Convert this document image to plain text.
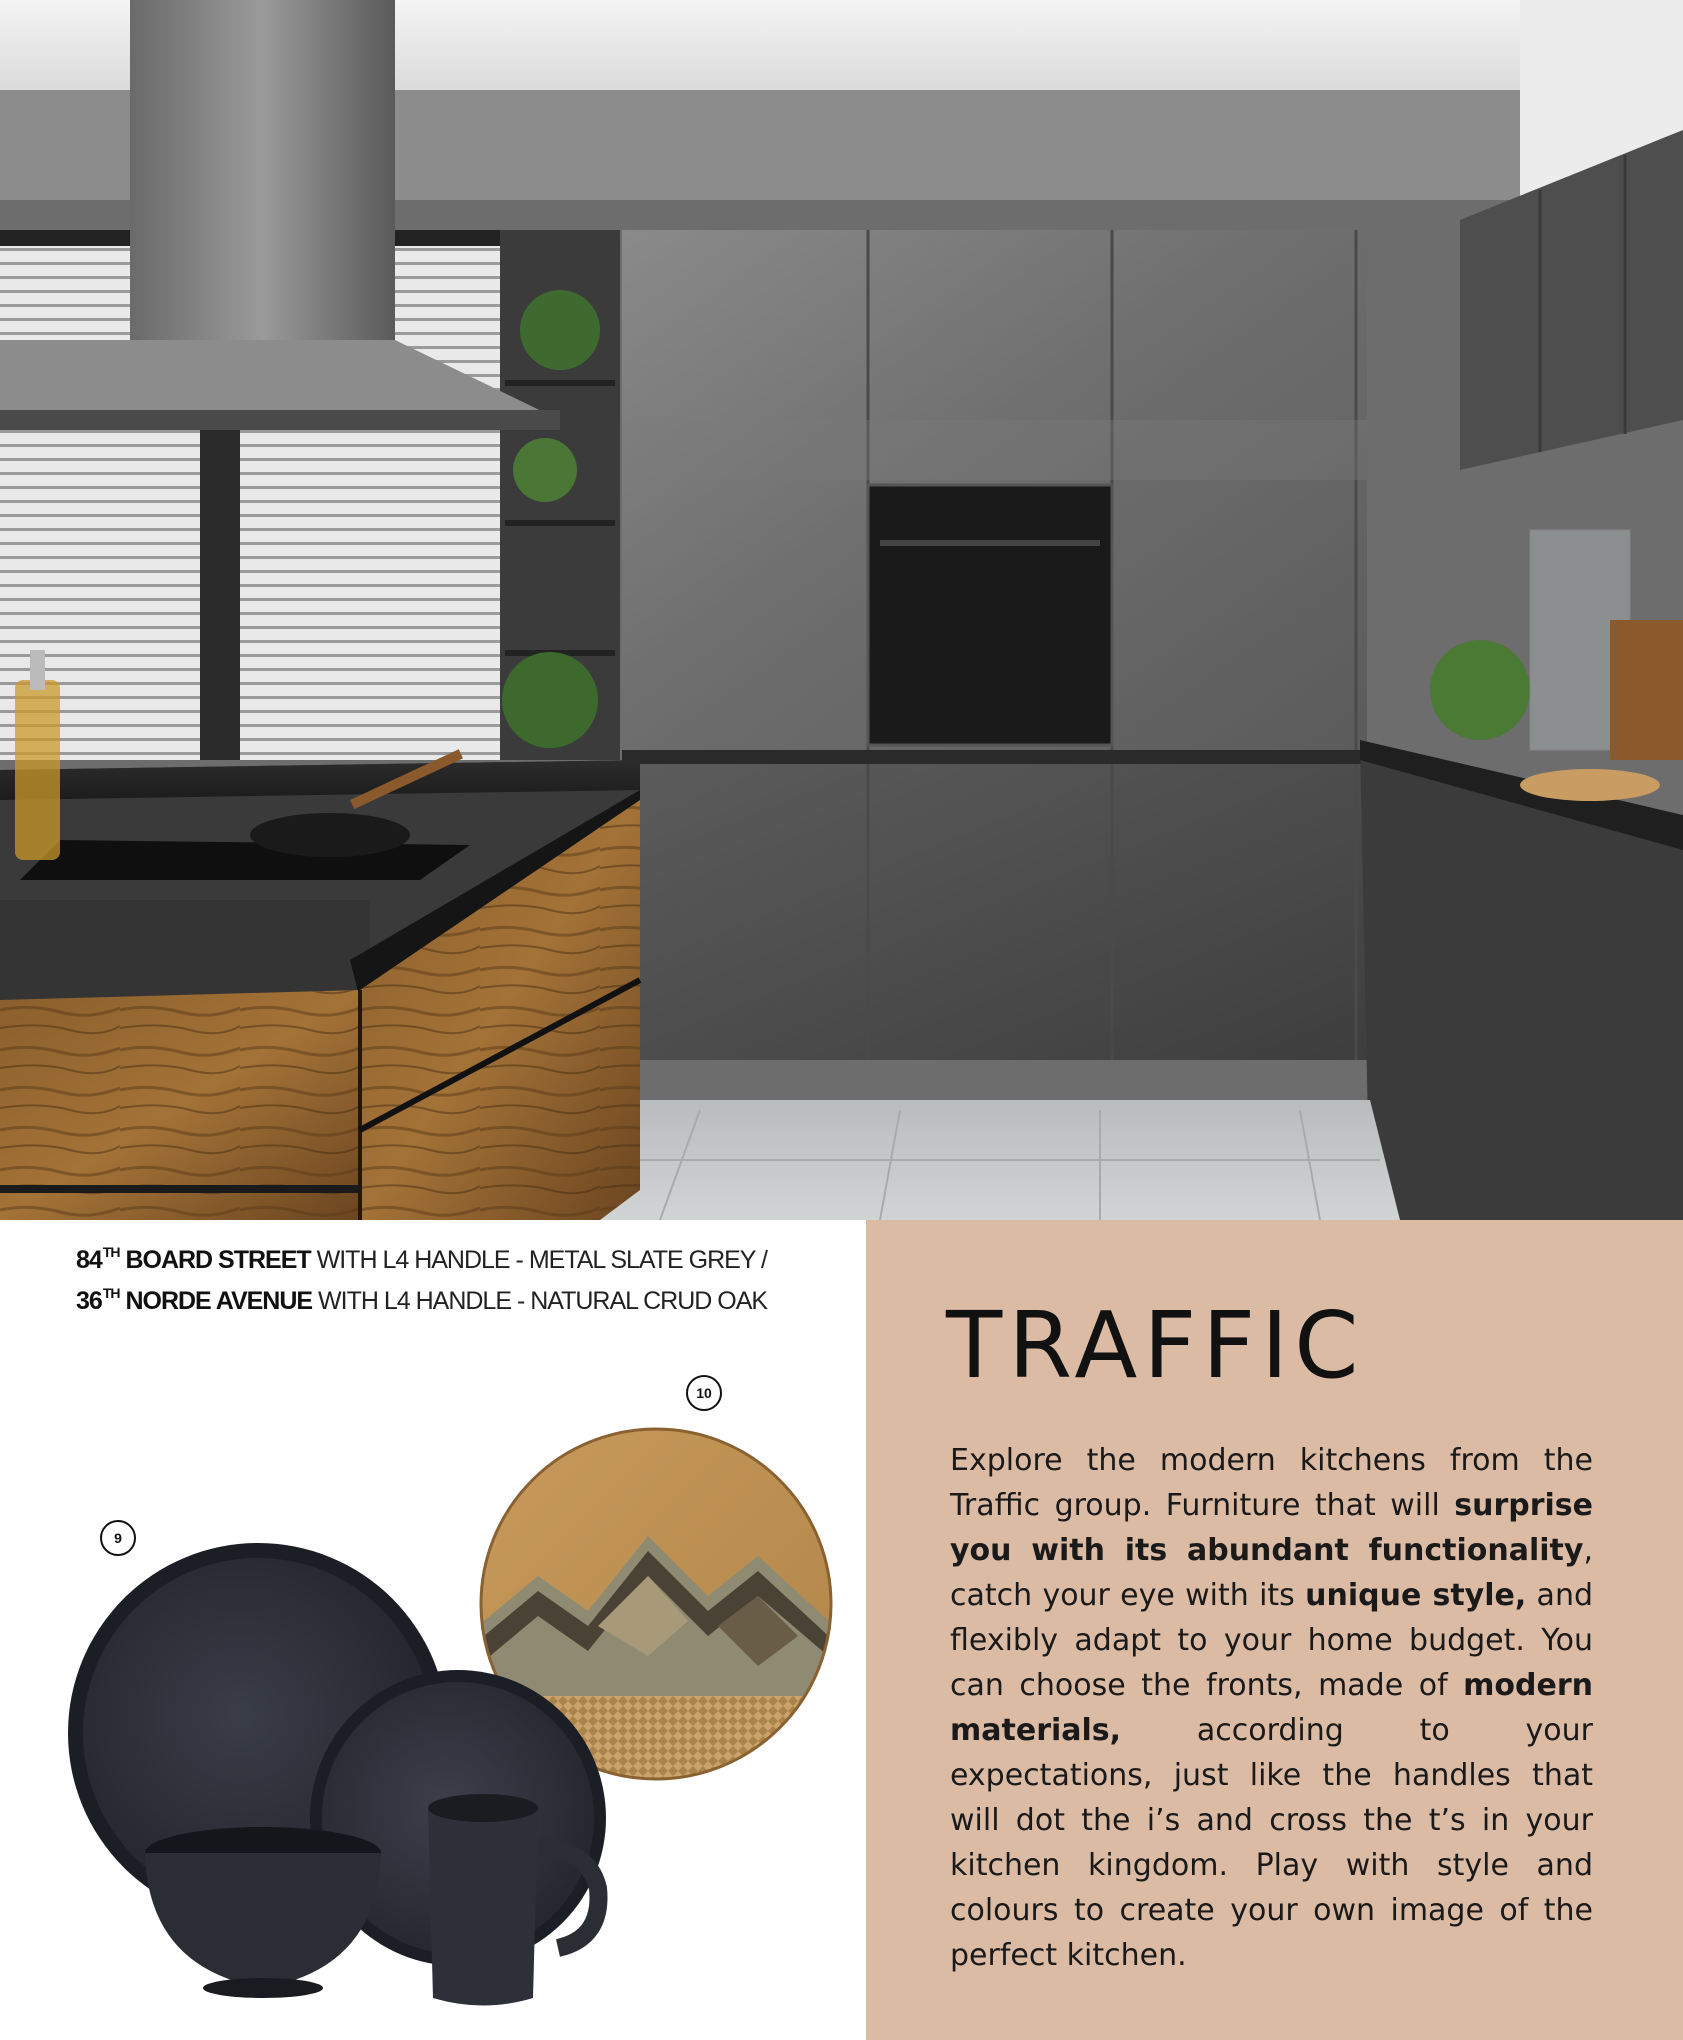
84TH BOARD STREET WITH L4 HANDLE - METAL SLATE GREY /
36TH NORDE AVENUE WITH L4 HANDLE - NATURAL CRUD OAK
9
10	TRAFFIC

Explore the modern kitchens from the Traffic group. Furniture that will surprise you with its abundant functionality, catch your eye with its unique style, and flexibly adapt to your home budget. You can choose the fronts, made of modern materials, according to your expectations, just like the handles that will dot the i’s and cross the t’s in your kitchen kingdom. Play with style and colours to create your own image of the perfect kitchen.
